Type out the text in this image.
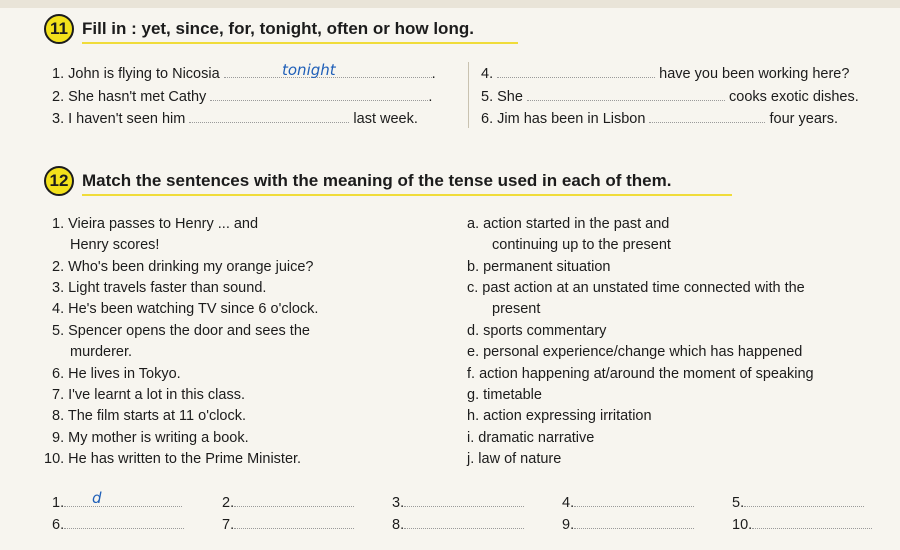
11 Fill in : yet, since, for, tonight, often or how long.
1. John is flying to Nicosia	.
tonight
2. She hasn't met Cathy	.
3. I haven't seen him	last week.
4.	have you been working here?
5. She	cooks exotic dishes.
6. Jim has been in Lisbon	four years.
12 Match the sentences with the meaning of the tense used in each of them.
1. Vieira passes to Henry ... and
Henry scores!
2. Who's been drinking my orange juice?
3. Light travels faster than sound.
4. He's been watching TV since 6 o'clock.
5. Spencer opens the door and sees the
murderer.
6. He lives in Tokyo.
7. I've learnt a lot in this class.
8. The film starts at 11 o'clock.
9. My mother is writing a book.
10. He has written to the Prime Minister.
a. action started in the past and
continuing up to the present
b. permanent situation
c. past action at an unstated time connected with the
present
d. sports commentary
e. personal experience/change which has happened
f. action happening at/around the moment of speaking
g. timetable
h. action expressing irritation
i. dramatic narrative
j. law of nature
1.	d	2.	3.	4.	5.
6.	7.	8.	9.	10.
